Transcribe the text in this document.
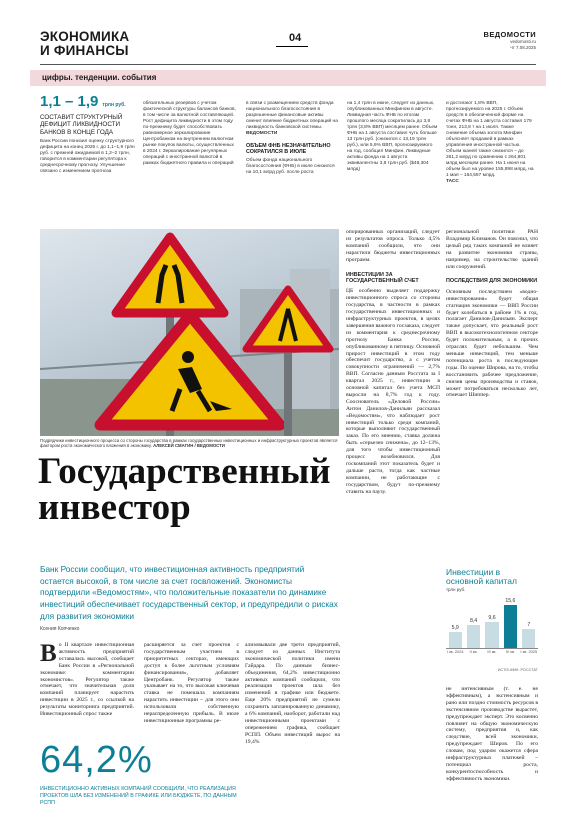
ЭКОНОМИКА
И ФИНАНСЫ
04	ВЕДОМОСТИ
vedomosti.ru
чт 7.08.2025
цифры. тенденции. события
1,1 – 1,9 трлн руб.
СОСТАВИТ СТРУКТУРНЫЙ ДЕФИЦИТ ЛИКВИДНОСТИ БАНКОВ В КОНЦЕ ГОДА
Банк России понизил оценку структурного дефицита на конец 2025 г. до 1,1–1,9 трлн руб. с прежней ожидаемой в 1,2–2 трлн, говорится в комментарии регулятора к среднесрочному прогнозу. Улучшение связано с изменением прогноза
обязательных резервов с учетом фактической структуры балансов банков, в том числе за валютной составляющей. Рост дефицита ликвидности в этом году по-прежнему будет способствовать равномерное зеркалирование Центробанком на внутреннем валютном рынке покупок валюты, осуществленных в 2024 г. Зеркалирование регулярных операций с иностранной валютой в рамках бюджетного правила и операций
в связи с размещением средств фонда национального благосостояния в разрешенные финансовые активы сменит влияние бюджетных операций на ликвидность банковской системы.
ВЕДОМОСТИ
ОБЪЕМ ФНБ НЕЗНАЧИТЕЛЬНО СОКРАТИЛСЯ В ИЮЛЕ
Объем фонда национального благосостояния (ФНБ) в июле снизился на 10,1 млрд руб. после роста
на 1,4 трлн в июне, следует из данных, опубликованных Минфином в августе. Ликвидная часть ФНБ по итогам прошлого месяца сократилась до 3,8 трлн (3,8% ВВП) месяцем ранее. Объем ФНБ на 1 августа составил чуть больше 13 трлн руб. (снизился с 13,19 трлн руб.), или 5,9% ВВП, прогнозируемого на год, сообщил Минфин. Ликвидные активы фонда на 1 августа эквивалентны 3,8 трлн руб. ($48,304 млрд)
и достигают 1,8% ВВП, прогнозируемого на 2025 г. Объем средств в обезличенной форме на счетах ФНБ на 1 августа составил 179 тонн, 213,8 т на 1 июля. Также снижение объема золота Минфин объясняет продажей в рамках управления иностранной частью. Объем юаней также снизился – до 261,2 млрд по сравнению с 264,801 млрд месяцем ранее. На 1 июня на объем был на уровне 155,898 млрд, на 1 мая – 164,597 млрд.
ТАСС
Подрядчики инвестиционного процесса со стороны государства в рамках государственных инвестиционных и инфраструктурных проектов является фактором роста экономического вложения в экономику. АЛЕКСЕЙ СМАГИН / ВЕДОМОСТИ
Государственный
инвестор
Банк России сообщил, что инвестиционная активность предприятий остается высокой, в том числе за счет госвложений. Экономисты подтвердили «Ведомостям», что положительные показатели по динамике инвестиций обеспечивает государственный сектор, и предупредили о рисках для развития экономики
Ксения Копченко
В о II квартале инвестиционная активность предприятий оставалась высокой, сообщает Банк России в «Региональной экономике: комментарии экономистов». Регулятор также отмечает, что значительная доля компаний планирует нарастить инвестиции в 2025 г., со ссылкой на результаты мониторинга предприятий. Инвестиционный спрос также
64,2%
ИНВЕСТИЦИОННО АКТИВНЫХ КОМПАНИЙ СООБЩИЛИ, ЧТО РЕАЛИЗАЦИЯ ПРОЕКТОВ ШЛА БЕЗ ИЗМЕНЕНИЙ В ГРАФИКЕ ИЛИ БЮДЖЕТЕ, ПО ДАННЫМ РСПП
расширяется за счет проектов с государственным участием в приоритетных секторах, имеющих доступ к более льготным условиям финансирования», добавляет Центробанк. Регулятор также указывает на то, что высокая ключевая ставка не помешала компаниям нарастить инвестиции – для этого они использовали собственную нераспределенную прибыль. В июле инвестиционные программы ре-
ализовывали две трети предприятий, следует из данных Института экономической политики имени Гайдара. По данным бизнес-объединения, 64,2% инвестиционно активных компаний сообщили, что реализация проектов шла без изменений в графике или бюджете. Еще 20% предприятий не сумели сохранить запланированную динамику, а 6% компаний, наоборот, работали над инвестиционными проектами с опережением графика, сообщает РСПП. Объем инвестиций вырос на 19,4%
опорированных организаций, следует из результатов опроса. Только 4,5% компаний сообщили, что они нарастили бюджеты инвестиционных программ.
ИНВЕСТИЦИИ ЗА ГОСУДАРСТВЕННЫЙ СЧЕТ
ЦБ особенно выделяет поддержку инвестиционного спроса со стороны государства, в частности в рамках государственных инвестиционных и инфраструктурных проектов, в целях завершения важного госзаказа, следует из комментария к среднесрочному прогнозу Банка России, опубликованному в пятницу. Основной прирост инвестиций в этом году обеспечит государство, а с учетом совокупности ограничений — 2,7% ВВП. Согласно данным Росстата за I квартал 2025 г., инвестиции в основной капитал без учета МСП выросли на 8,7% год к году. Сооснователь «Деловой России» Антон Данилов-Данильян рассказал «Ведомостям», что наблюдает рост инвестиций только среди компаний, которые выполняют государственный заказ. По его мнению, ставка должна быть «серьезно снижена», до 12–13%, для того чтобы инвестиционный процесс возобновился. Для госкомпаний этот показатель будет и дальше расти, тогда как частные компании, не работающие с государством, будут по-прежнему ставить на паузу.
региональной политики РАН Владимир Климанов. Он пояснил, что целый ряд таких компаний не влияет на развитие экономики страны, например, на строительство зданий или сооружений.
ПОСЛЕДСТВИЯ ДЛЯ ЭКОНОМИКИ
Основным последствием «водно-инвестирования» будет общая стагнация экономики — ВВП России будет колебаться в районе 1% в год, полагает Данилов-Данильян. Эксперт также допускает, что реальный рост ВВП в высокотехнологичном секторе будет положительным, а в прочих отраслях будет небольшим. Чем меньше инвестиций, тем меньше потенциала роста в последующие годы. По оценке Широва, на то, чтобы восстановить рабочее предложение, снизив цены производства и ставок, может потребоваться несколько лет, отмечает Шиппер.
Инвестиции в основной капитал
трлн руб.
5,9
8,4
9,6
15,6
7
I кв. 2024	II кв.	III кв.	IV кв.	I кв. 2025
ИСТОЧНИК: РОССТАТ
не интенсивным (т. е. не эффективным), а экстенсивным и рано или поздно стоимость ресурсов в экстенсивном производстве вырастет, предупреждает эксперт. Это косвенно повлияет на общую экономическую систему, предприятия и, как следствие, всей экономики, предупреждает Широв. По его словам, под ударом окажется сфера инфраструктурных платежей – потенциал роста, конкурентоспособность и эффективность экономики.
